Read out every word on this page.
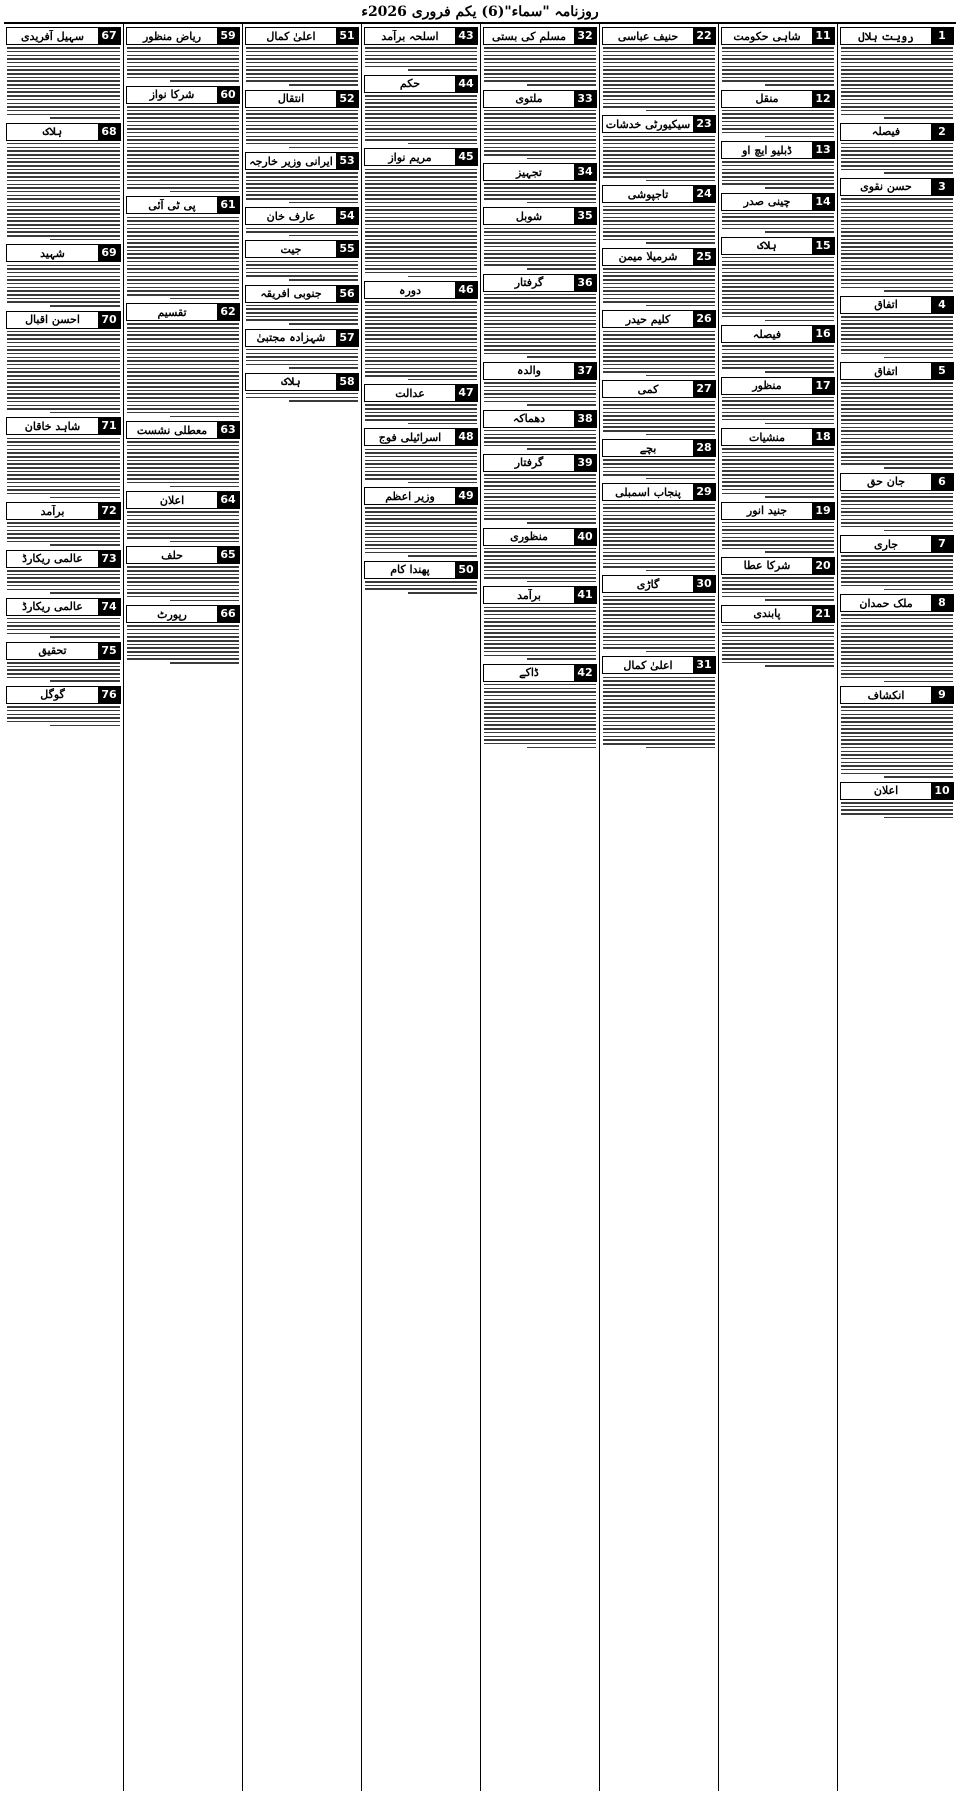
روزنامہ "سماء"(6) یکم فروری 2026ء
1
رویت ہلال
2
فیصلہ
3
حسن نقوی
4
اتفاق
5
اتفاق
6
جان حق
7
جاری
8
ملک حمدان
9
انکشاف
10
اعلان
11
شاہی حکومت
12
منقل
13
ڈبلیو ایچ او
14
چینی صدر
15
ہلاک
16
فیصلہ
17
منظور
18
منشیات
19
جنید انور
20
شرکا عطا
21
پابندی
22
حنیف عباسی
23
سیکیورٹی خدشات
24
تاجپوشی
25
شرمیلا میمن
26
کلیم حیدر
27
کمی
28
بچے
29
پنجاب اسمبلی
30
گاڑی
31
اعلیٰ کمال
32
مسلم کی بستی
33
ملتوی
34
تجہیز
35
شوبل
36
گرفتار
37
والدہ
38
دھماکہ
39
گرفتار
40
منظوری
41
برآمد
42
ڈاکے
43
اسلحہ برآمد
44
حکم
45
مریم نواز
46
دورہ
47
عدالت
48
اسرائیلی فوج
49
وزیر اعظم
50
پھندا کام
51
اعلیٰ کمال
52
انتقال
53
ایرانی وزیر خارجہ
54
عارف خان
55
جیت
56
جنوبی افریقہ
57
شہزادہ مجتبیٰ
58
ہلاک
59
ریاض منظور
60
شرکا نواز
61
پی ٹی آئی
62
تقسیم
63
معطلی نشست
64
اعلان
65
حلف
66
رپورٹ
67
سہیل آفریدی
68
ہلاک
69
شہید
70
احسن اقبال
71
شاہد خاقان
72
برآمد
73
عالمی ریکارڈ
74
عالمی ریکارڈ
75
تحقیق
76
گوگل
